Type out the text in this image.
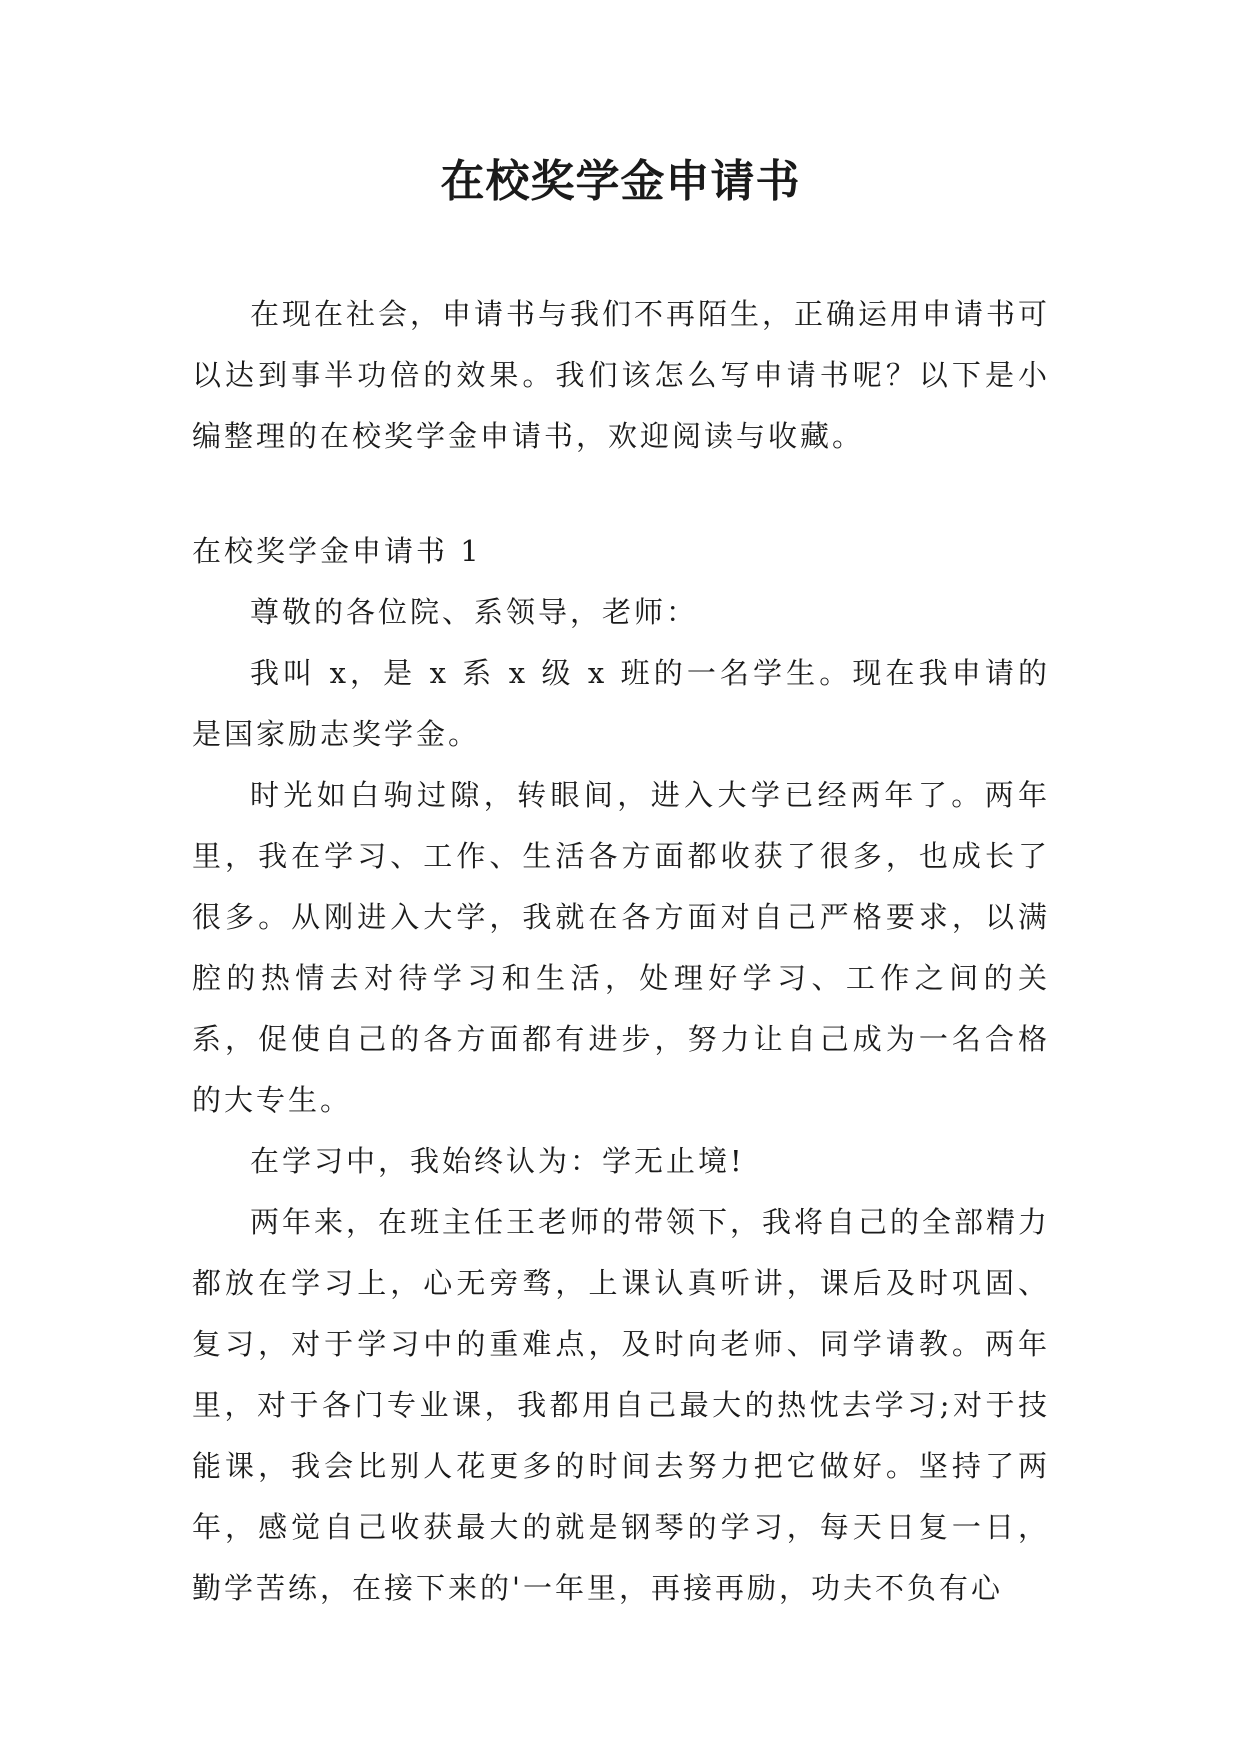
在校奖学金申请书

在现在社会，申请书与我们不再陌生，正确运用申请书可以达到事半功倍的效果。我们该怎么写申请书呢？以下是小编整理的在校奖学金申请书，欢迎阅读与收藏。

在校奖学金申请书 1

尊敬的各位院、系领导，老师：

我叫 x，是 x 系 x 级 x 班的一名学生。现在我申请的是国家励志奖学金。

时光如白驹过隙，转眼间，进入大学已经两年了。两年里，我在学习、工作、生活各方面都收获了很多，也成长了很多。从刚进入大学，我就在各方面对自己严格要求，以满腔的热情去对待学习和生活，处理好学习、工作之间的关系，促使自己的各方面都有进步，努力让自己成为一名合格的大专生。

在学习中，我始终认为：学无止境!

两年来，在班主任王老师的带领下，我将自己的全部精力都放在学习上，心无旁骛，上课认真听讲，课后及时巩固、复习，对于学习中的重难点，及时向老师、同学请教。两年里，对于各门专业课，我都用自己最大的热忱去学习;对于技能课，我会比别人花更多的时间去努力把它做好。坚持了两年，感觉自己收获最大的就是钢琴的学习，每天日复一日，勤学苦练，在接下来的'一年里，再接再励，功夫不负有心
